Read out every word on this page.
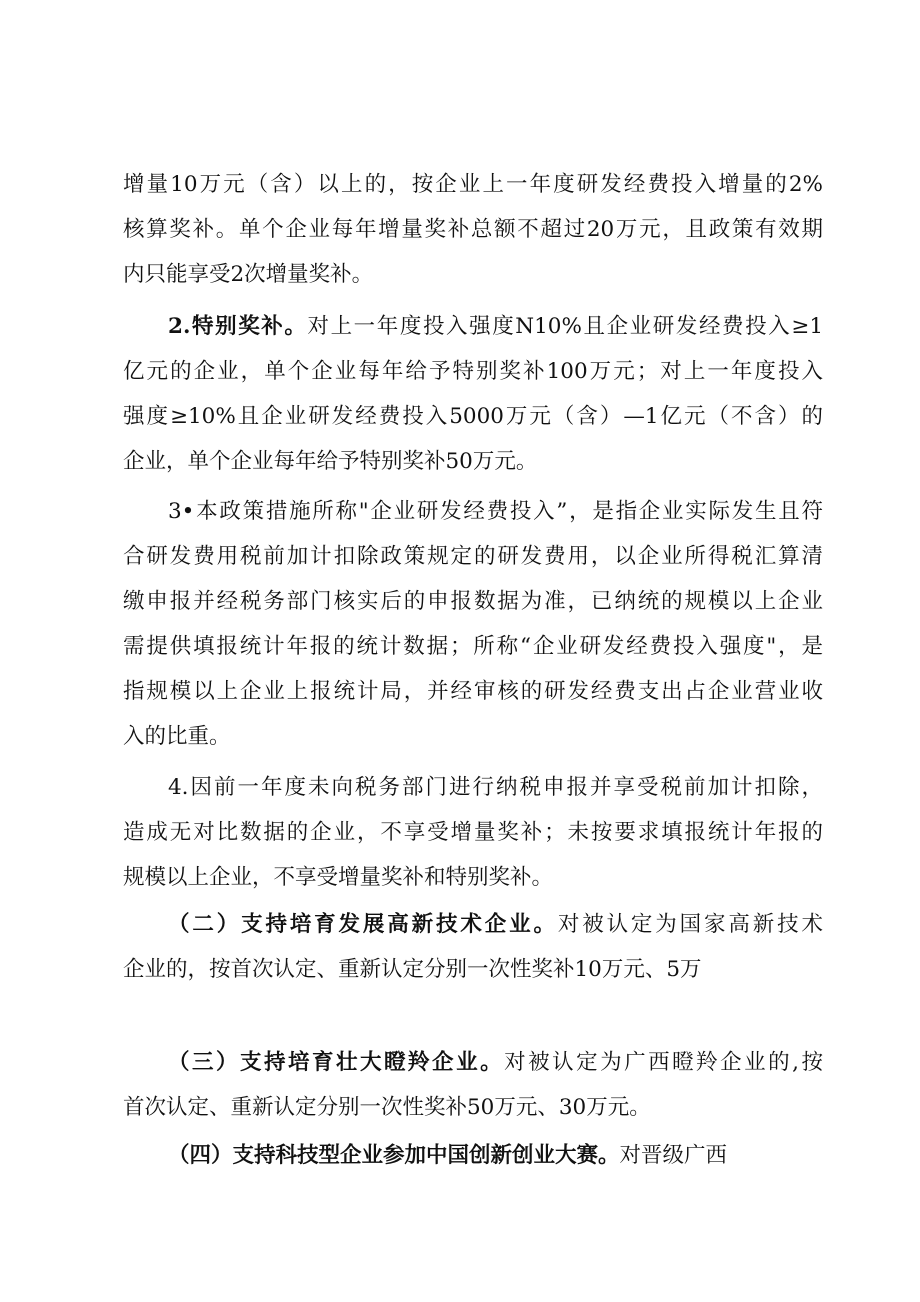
增量10万元（含）以上的，按企业上一年度研发经费投入增量的2%
核算奖补。单个企业每年增量奖补总额不超过20万元，且政策有效期
内只能享受2次增量奖补。
2.特别奖补。对上一年度投入强度N10%且企业研发经费投入≥1
亿元的企业，单个企业每年给予特别奖补100万元；对上一年度投入
强度≥10%且企业研发经费投入5000万元（含）—1亿元（不含）的
企业，单个企业每年给予特别奖补50万元。
3•本政策措施所称"企业研发经费投入”，是指企业实际发生且符
合研发费用税前加计扣除政策规定的研发费用，以企业所得税汇算清
缴申报并经税务部门核实后的申报数据为准，已纳统的规模以上企业
需提供填报统计年报的统计数据；所称“企业研发经费投入强度"，是
指规模以上企业上报统计局，并经审核的研发经费支出占企业营业收
入的比重。
4.因前一年度未向税务部门进行纳税申报并享受税前加计扣除，
造成无对比数据的企业，不享受增量奖补；未按要求填报统计年报的
规模以上企业，不享受增量奖补和特别奖补。
（二）支持培育发展高新技术企业。对被认定为国家高新技术
企业的，按首次认定、重新认定分别一次性奖补10万元、5万
（三）支持培育壮大瞪羚企业。对被认定为广西瞪羚企业的,按
首次认定、重新认定分别一次性奖补50万元、30万元。
（四）支持科技型企业参加中国创新创业大赛。对晋级广西
